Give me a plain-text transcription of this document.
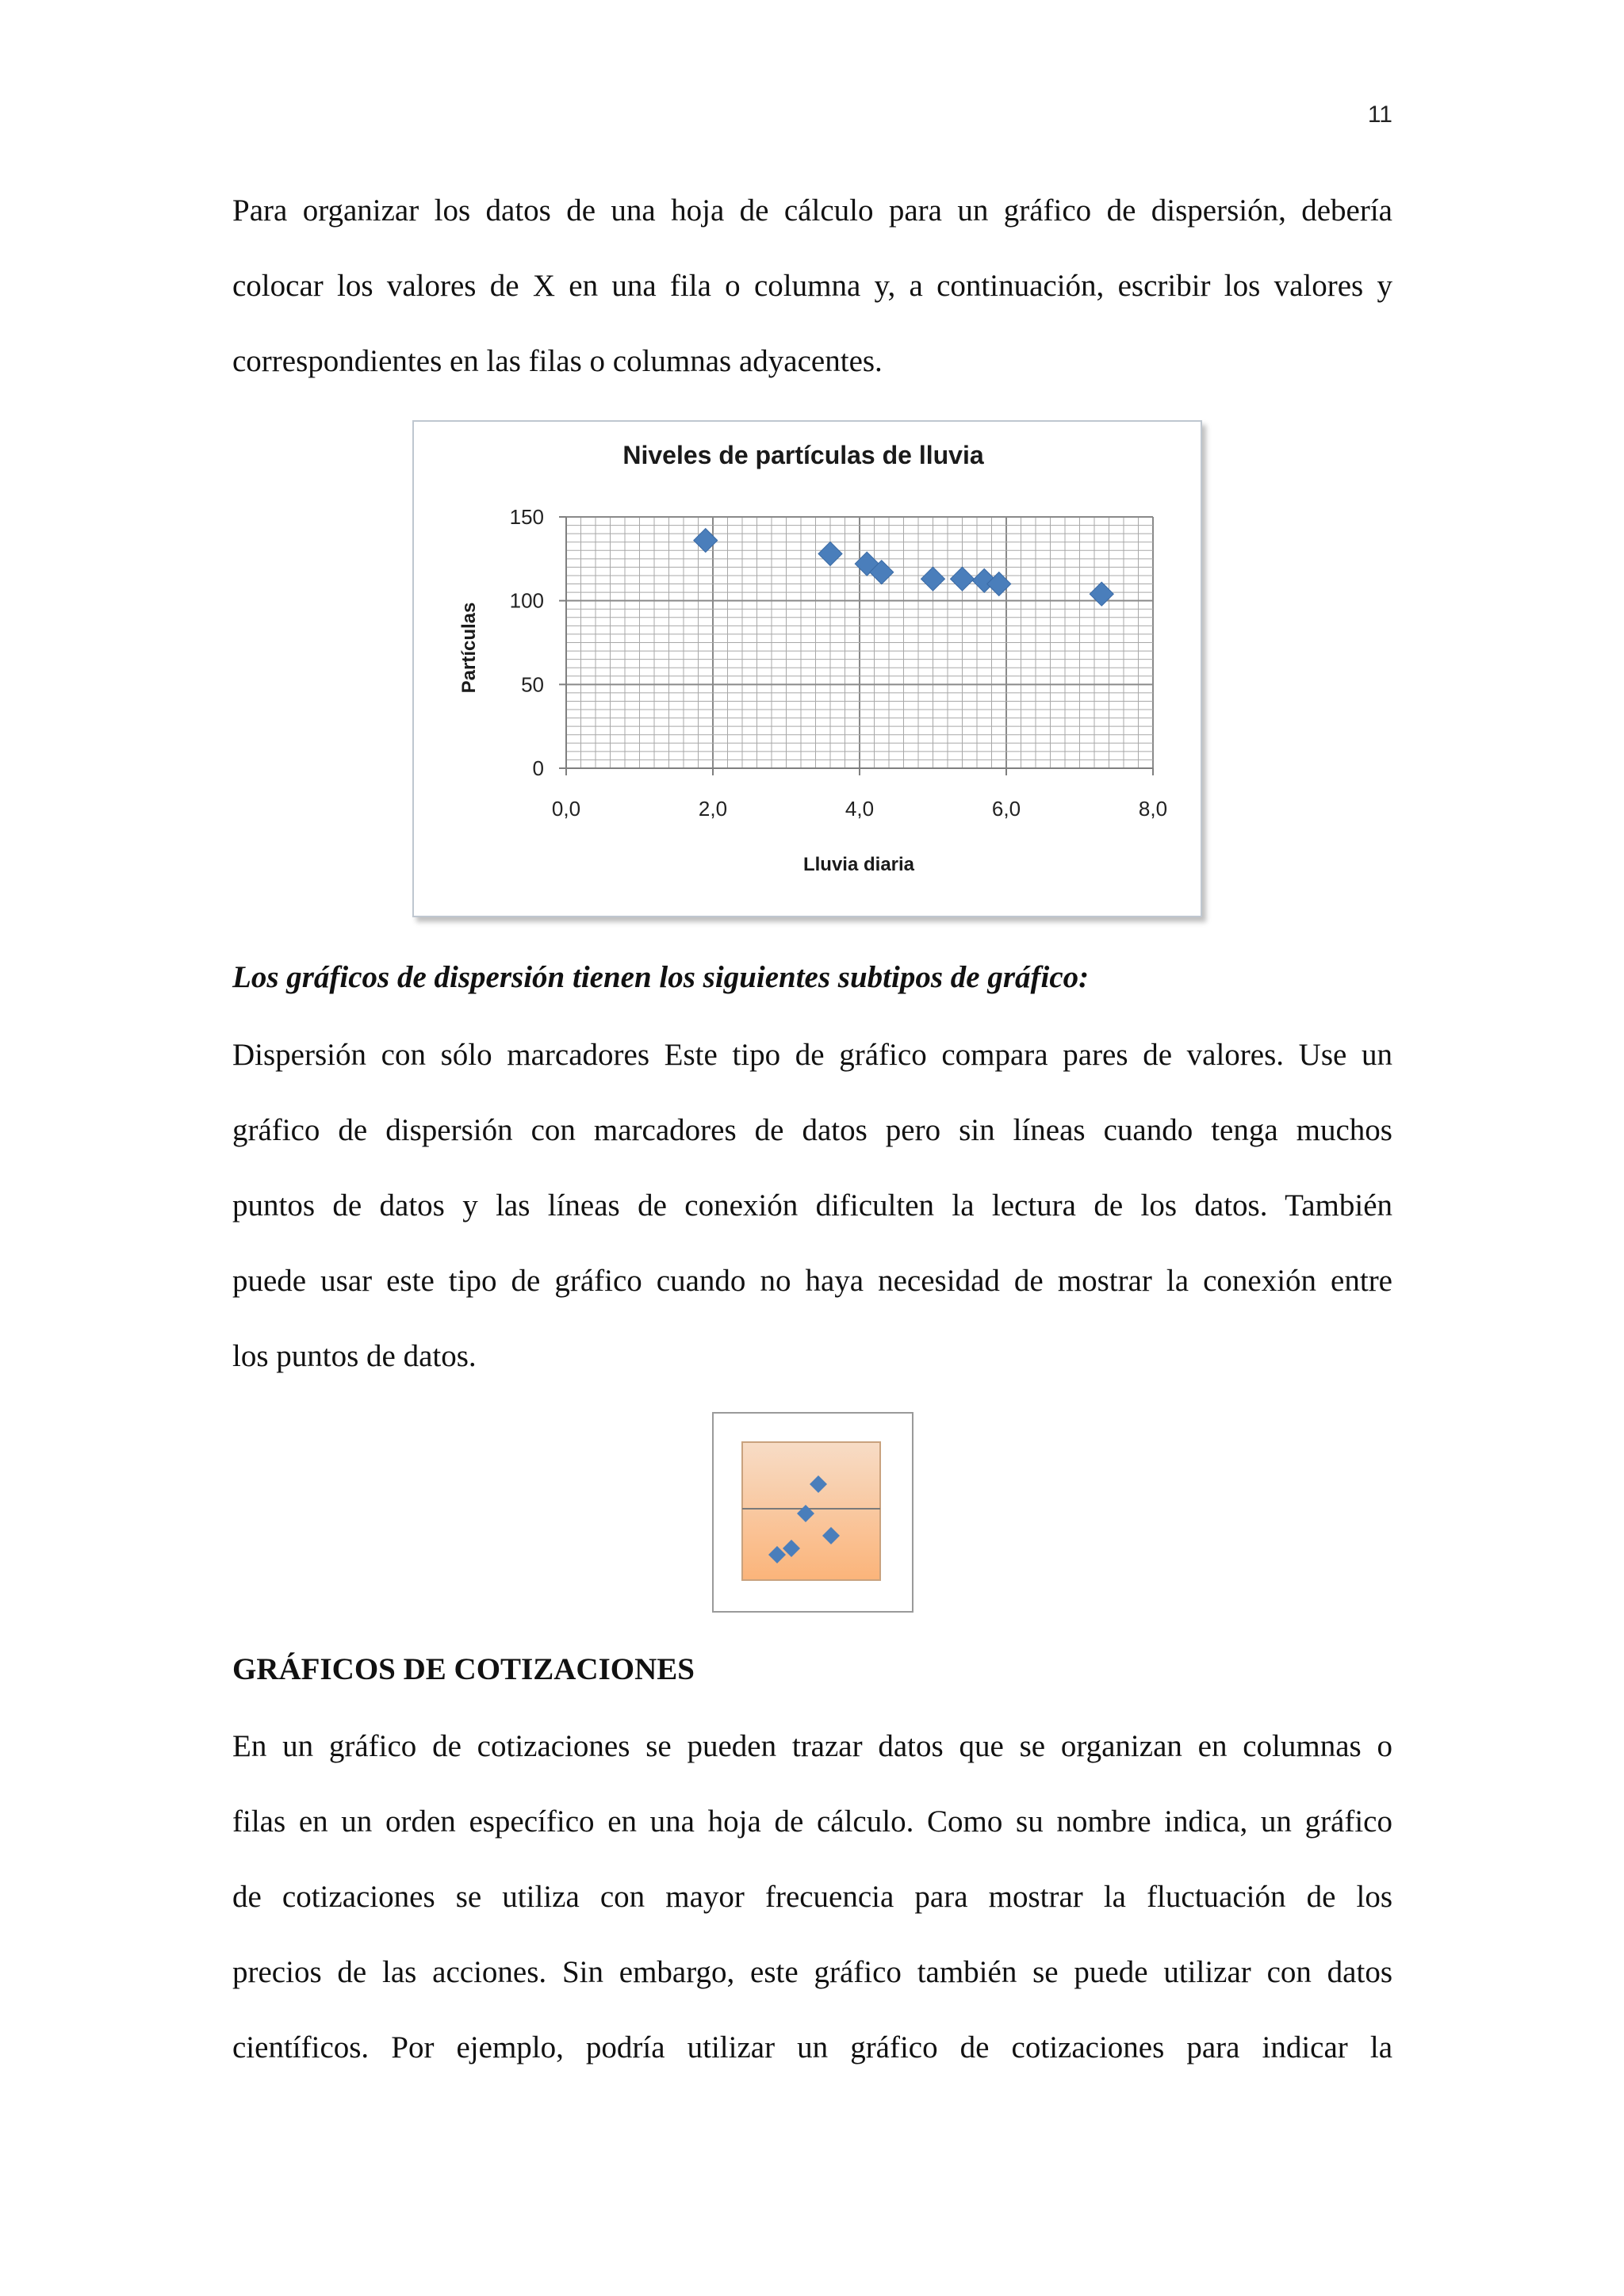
11
Para organizar los datos de una hoja de cálculo para un gráfico de dispersión, debería
colocar los valores de X en una fila o columna y, a continuación, escribir los valores y
correspondientes en las filas o columnas adyacentes.
Niveles de partículas de lluvia
0,0	2,0	4,0	6,0	8,0
0
50
100
150
Lluvia diaria
Partículas

Los gráficos de dispersión tienen los siguientes subtipos de gráfico:

Dispersión con sólo marcadores Este tipo de gráfico compara pares de valores. Use un
gráfico de dispersión con marcadores de datos pero sin líneas cuando tenga muchos
puntos de datos y las líneas de conexión dificulten la lectura de los datos. También
puede usar este tipo de gráfico cuando no haya necesidad de mostrar la conexión entre
los puntos de datos.

GRÁFICOS DE COTIZACIONES

En un gráfico de cotizaciones se pueden trazar datos que se organizan en columnas o
filas en un orden específico en una hoja de cálculo. Como su nombre indica, un gráfico
de cotizaciones se utiliza con mayor frecuencia para mostrar la fluctuación de los
precios de las acciones. Sin embargo, este gráfico también se puede utilizar con datos
científicos. Por ejemplo, podría utilizar un gráfico de cotizaciones para indicar la
